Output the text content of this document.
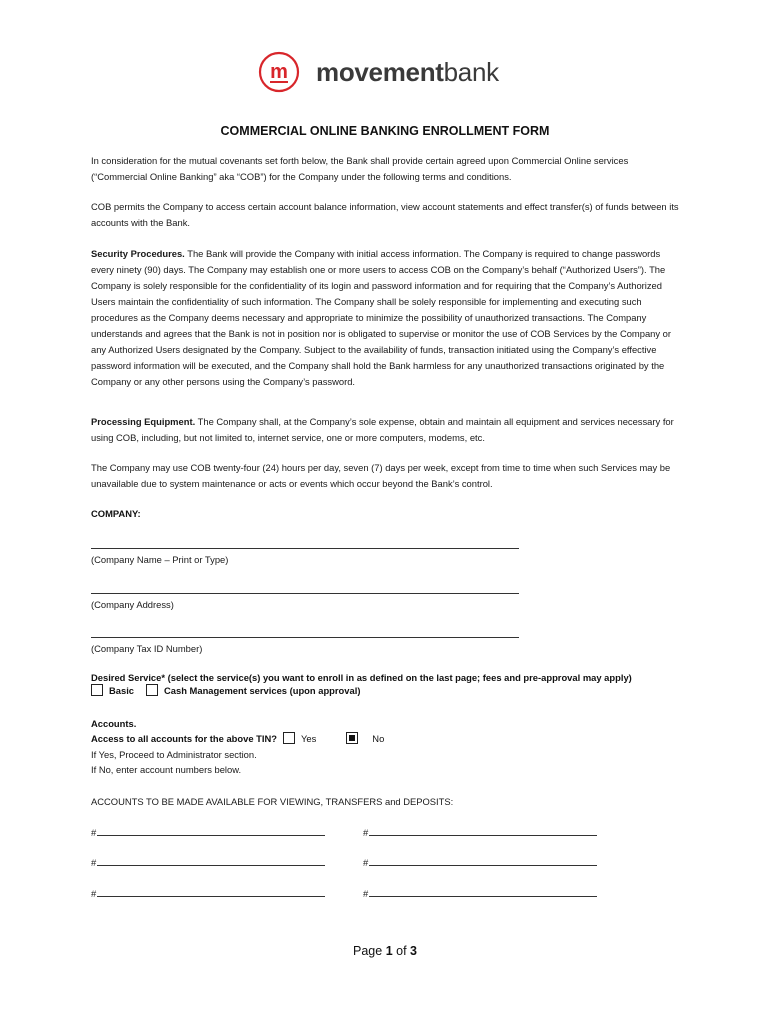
m movementbank
COMMERCIAL ONLINE BANKING ENROLLMENT FORM
In consideration for the mutual covenants set forth below, the Bank shall provide certain agreed upon Commercial Online services (“Commercial Online Banking” aka “COB”) for the Company under the following terms and conditions.
COB permits the Company to access certain account balance information, view account statements and effect transfer(s) of funds between its accounts with the Bank.
Security Procedures. The Bank will provide the Company with initial access information. The Company is required to change passwords every ninety (90) days. The Company may establish one or more users to access COB on the Company’s behalf (“Authorized Users”). The Company is solely responsible for the confidentiality of its login and password information and for requiring that the Company’s Authorized Users maintain the confidentiality of such information. The Company shall be solely responsible for implementing and executing such procedures as the Company deems necessary and appropriate to minimize the possibility of unauthorized transactions. The Company understands and agrees that the Bank is not in position nor is obligated to supervise or monitor the use of COB Services by the Company or any Authorized Users designated by the Company. Subject to the availability of funds, transaction initiated using the Company’s effective password information will be executed, and the Company shall hold the Bank harmless for any unauthorized transactions originated by the Company or any other persons using the Company’s password.
Processing Equipment. The Company shall, at the Company’s sole expense, obtain and maintain all equipment and services necessary for using COB, including, but not limited to, internet service, one or more computers, modems, etc.
The Company may use COB twenty-four (24) hours per day, seven (7) days per week, except from time to time when such Services may be unavailable due to system maintenance or acts or events which occur beyond the Bank’s control.
COMPANY:
(Company Name – Print or Type)
(Company Address)
(Company Tax ID Number)
Desired Service* (select the service(s) you want to enroll in as defined on the last page; fees and pre-approval may apply)
Basic	Cash Management services (upon approval)
Accounts.
Access to all accounts for the above TIN?	Yes	No
If Yes, Proceed to Administrator section.
If No, enter account numbers below.
ACCOUNTS TO BE MADE AVAILABLE FOR VIEWING, TRANSFERS and DEPOSITS:
#	#
#	#
#	#
Page 1 of 3
